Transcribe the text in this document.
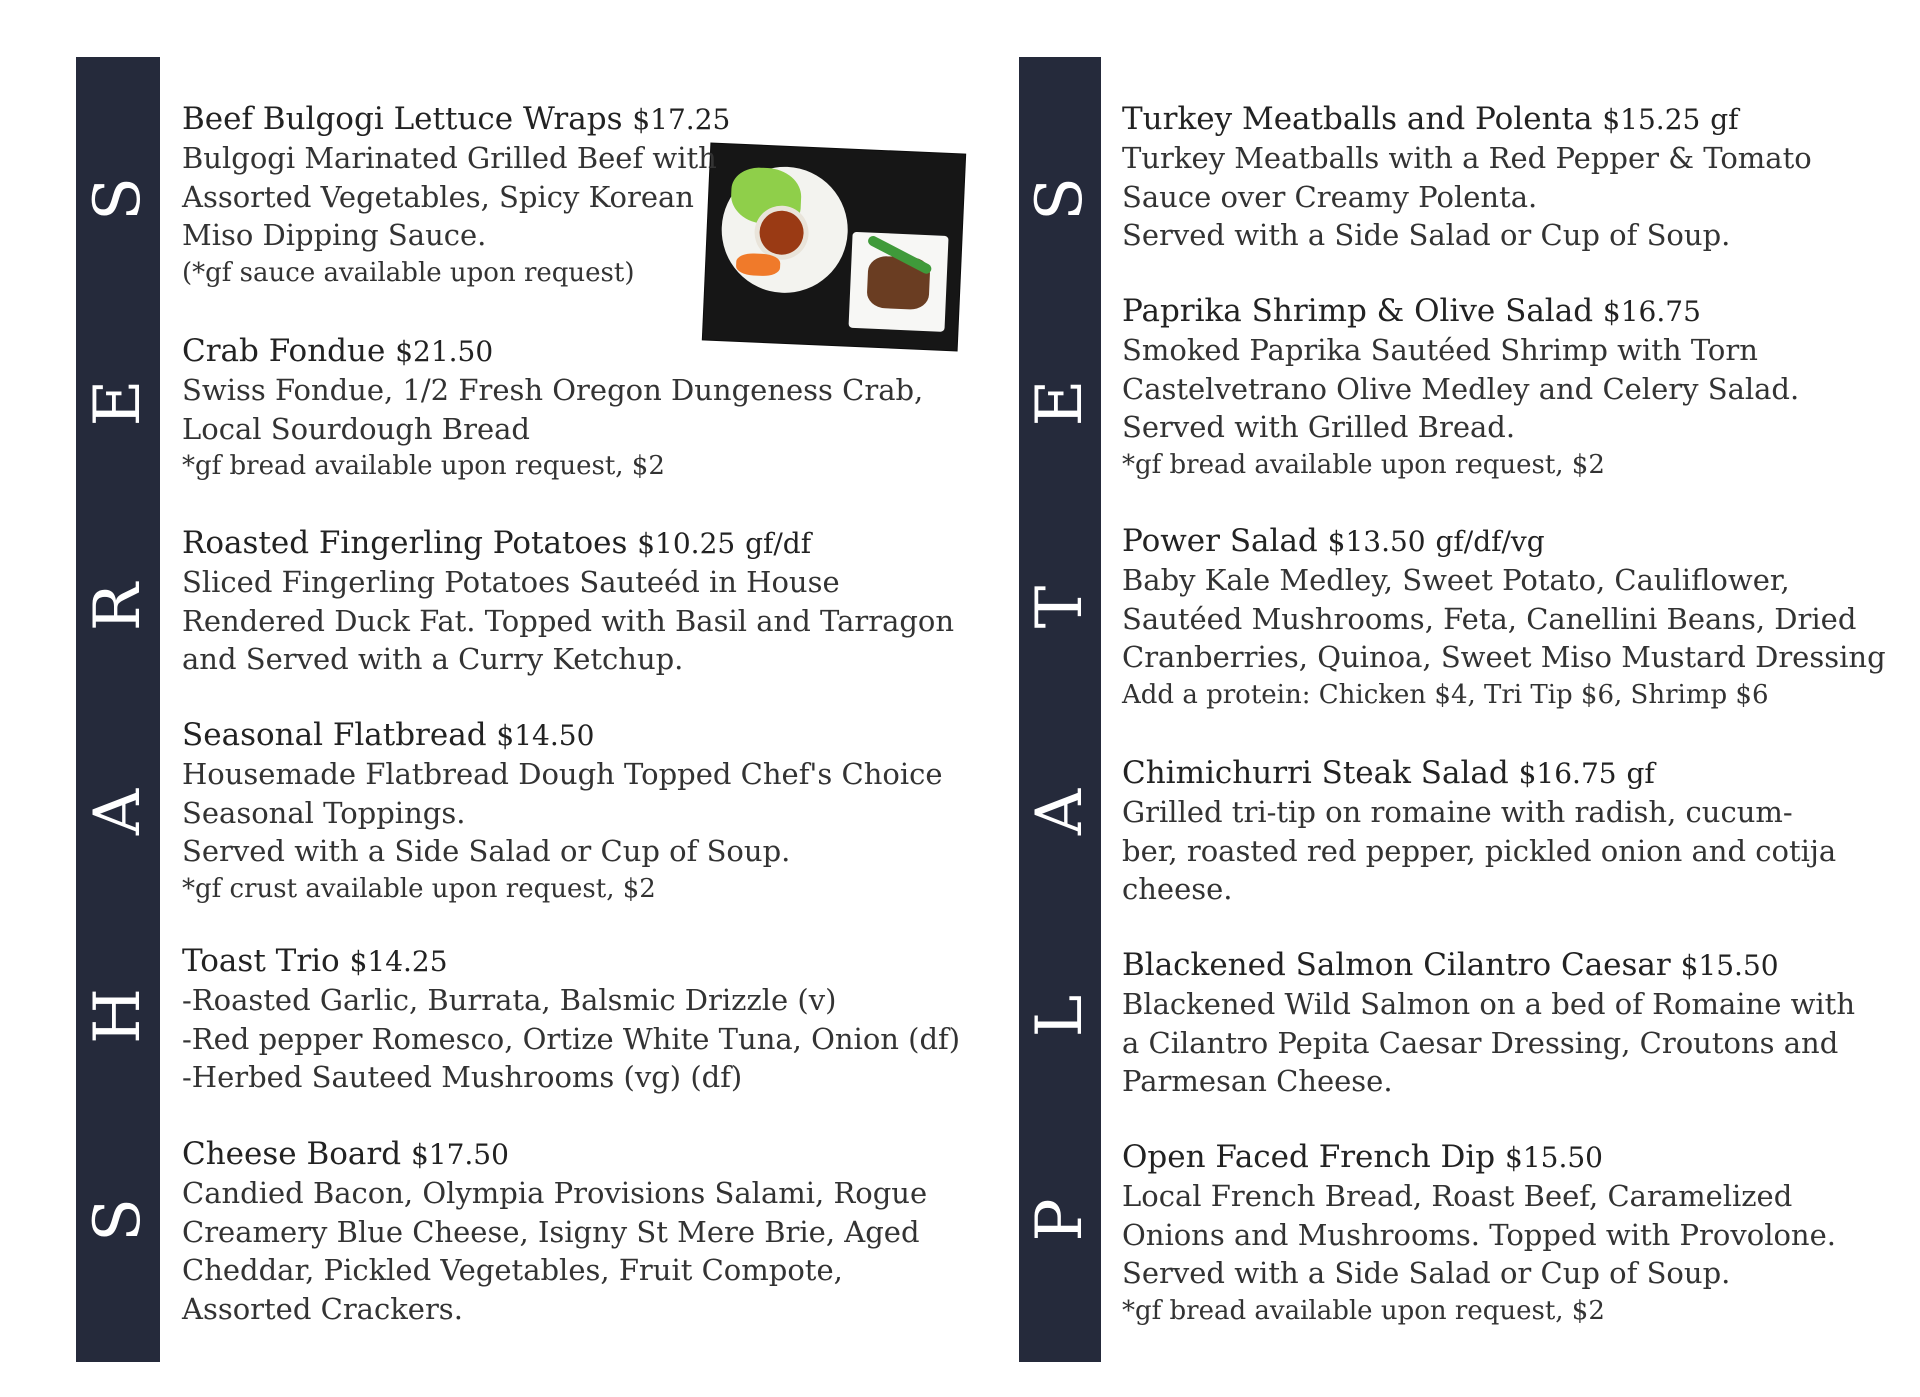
S
E
R
A
H
S
S
E
T
A
L
P
Beef Bulgogi Lettuce Wraps $17.25
Bulgogi Marinated Grilled Beef with
Assorted Vegetables, Spicy Korean
Miso Dipping Sauce.
(*gf sauce available upon request)
Crab Fondue $21.50
Swiss Fondue, 1/2 Fresh Oregon Dungeness Crab,
Local Sourdough Bread
*gf bread available upon request, $2
Roasted Fingerling Potatoes $10.25 gf/df
Sliced Fingerling Potatoes Sauteéd in House
Rendered Duck Fat. Topped with Basil and Tarragon
and Served with a Curry Ketchup.
Seasonal Flatbread $14.50
Housemade Flatbread Dough Topped Chef's Choice
Seasonal Toppings.
Served with a Side Salad or Cup of Soup.
*gf crust available upon request, $2
Toast Trio $14.25
-Roasted Garlic, Burrata, Balsmic Drizzle (v)
-Red pepper Romesco, Ortize White Tuna, Onion (df)
-Herbed Sauteed Mushrooms (vg) (df)
Cheese Board $17.50
Candied Bacon, Olympia Provisions Salami, Rogue
Creamery Blue Cheese, Isigny St Mere Brie, Aged
Cheddar, Pickled Vegetables, Fruit Compote,
Assorted Crackers.
Turkey Meatballs and Polenta $15.25 gf
Turkey Meatballs with a Red Pepper & Tomato
Sauce over Creamy Polenta.
Served with a Side Salad or Cup of Soup.
Paprika Shrimp & Olive Salad $16.75
Smoked Paprika Sautéed Shrimp with Torn
Castelvetrano Olive Medley and Celery Salad.
Served with Grilled Bread.
*gf bread available upon request, $2
Power Salad $13.50 gf/df/vg
Baby Kale Medley, Sweet Potato, Cauliflower,
Sautéed Mushrooms, Feta, Canellini Beans, Dried
Cranberries, Quinoa, Sweet Miso Mustard Dressing
Add a protein: Chicken $4, Tri Tip $6, Shrimp $6
Chimichurri Steak Salad $16.75 gf
Grilled tri-tip on romaine with radish, cucum-
ber, roasted red pepper, pickled onion and cotija
cheese.
Blackened Salmon Cilantro Caesar $15.50
Blackened Wild Salmon on a bed of Romaine with
a Cilantro Pepita Caesar Dressing, Croutons and
Parmesan Cheese.
Open Faced French Dip $15.50
Local French Bread, Roast Beef, Caramelized
Onions and Mushrooms. Topped with Provolone.
Served with a Side Salad or Cup of Soup.
*gf bread available upon request, $2
